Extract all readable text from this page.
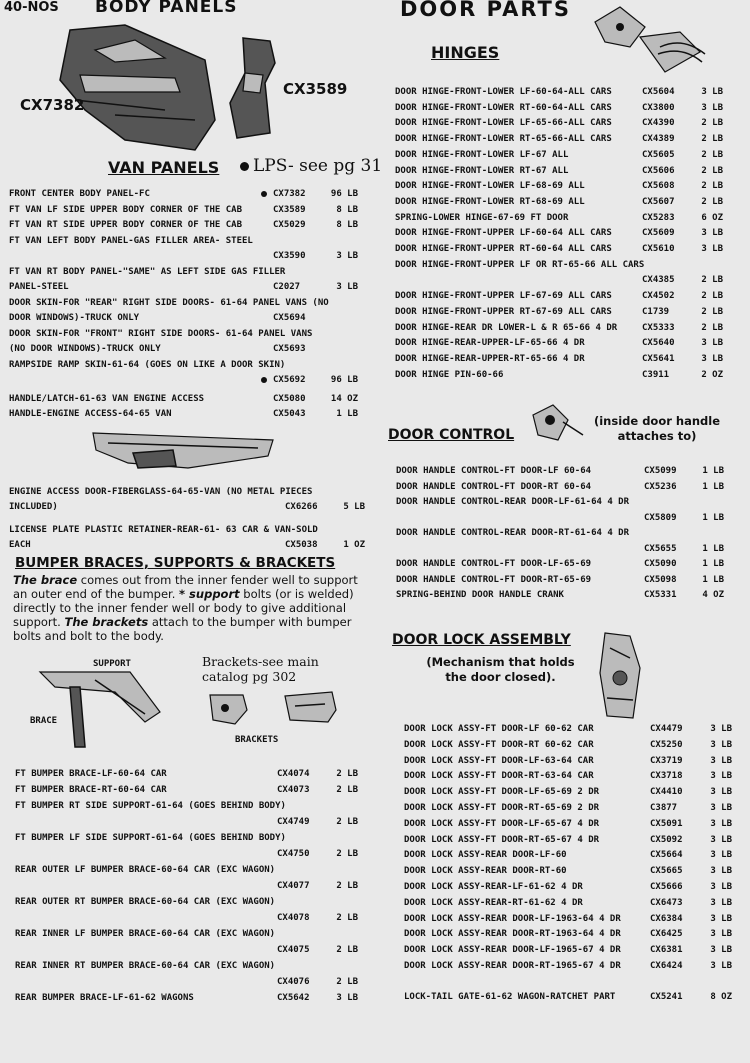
40-NOS BODY PANELS
CX7382
CX3589
VAN PANELS	LPS- see pg 31
FRONT CENTER BODY PANEL-FC	CX7382	96 LB
FT VAN LF SIDE UPPER BODY CORNER OF THE CAB	CX3589	8 LB
FT VAN RT SIDE UPPER BODY CORNER OF THE CAB	CX5029	8 LB
FT VAN LEFT BODY PANEL-GAS FILLER AREA- STEEL
CX3590	3 LB
FT VAN RT BODY PANEL-"SAME" AS LEFT SIDE GAS FILLER
PANEL-STEEL	C2027	3 LB
DOOR SKIN-FOR "REAR" RIGHT SIDE DOORS- 61-64 PANEL VANS (NO
DOOR WINDOWS)-TRUCK ONLY	CX5694
DOOR SKIN-FOR "FRONT" RIGHT SIDE DOORS- 61-64 PANEL VANS
(NO DOOR WINDOWS)-TRUCK ONLY	CX5693
RAMPSIDE RAMP SKIN-61-64 (GOES ON LIKE A DOOR SKIN)
CX5692	96 LB
HANDLE/LATCH-61-63 VAN ENGINE ACCESS	CX5080	14 OZ
HANDLE-ENGINE ACCESS-64-65 VAN	CX5043	1 LB
ENGINE ACCESS DOOR-FIBERGLASS-64-65-VAN (NO METAL PIECES
INCLUDED)	CX6266	5 LB
LICENSE PLATE PLASTIC RETAINER-REAR-61- 63 CAR & VAN-SOLD
EACH	CX5038	1 OZ
BUMPER BRACES, SUPPORTS & BRACKETS
The brace comes out from the inner fender well to support an outer end of the bumper. * support bolts (or is welded) directly to the inner fender well or body to give additional support. The brackets attach to the bumper with bumper bolts and bolt to the body.
SUPPORT
BRACE
Brackets-see main catalog pg 302
BRACKETS
FT BUMPER BRACE-LF-60-64 CAR	CX4074	2 LB
FT BUMPER BRACE-RT-60-64 CAR	CX4073	2 LB
FT BUMPER RT SIDE SUPPORT-61-64 (GOES BEHIND BODY)
CX4749	2 LB
FT BUMPER LF SIDE SUPPORT-61-64 (GOES BEHIND BODY)
CX4750	2 LB
REAR OUTER LF BUMPER BRACE-60-64 CAR (EXC WAGON)
CX4077	2 LB
REAR OUTER RT BUMPER BRACE-60-64 CAR (EXC WAGON)
CX4078	2 LB
REAR INNER LF BUMPER BRACE-60-64 CAR (EXC WAGON)
CX4075	2 LB
REAR INNER RT BUMPER BRACE-60-64 CAR (EXC WAGON)
CX4076	2 LB
REAR BUMPER BRACE-LF-61-62 WAGONS	CX5642	3 LB
DOOR PARTS
HINGES
DOOR HINGE-FRONT-LOWER LF-60-64-ALL CARS	CX5604	3 LB
DOOR HINGE-FRONT-LOWER RT-60-64-ALL CARS	CX3800	3 LB
DOOR HINGE-FRONT-LOWER LF-65-66-ALL CARS	CX4390	2 LB
DOOR HINGE-FRONT-LOWER RT-65-66-ALL CARS	CX4389	2 LB
DOOR HINGE-FRONT-LOWER LF-67 ALL	CX5605	2 LB
DOOR HINGE-FRONT-LOWER RT-67 ALL	CX5606	2 LB
DOOR HINGE-FRONT-LOWER LF-68-69 ALL	CX5608	2 LB
DOOR HINGE-FRONT-LOWER RT-68-69 ALL	CX5607	2 LB
SPRING-LOWER HINGE-67-69 FT DOOR	CX5283	6 OZ
DOOR HINGE-FRONT-UPPER LF-60-64 ALL CARS	CX5609	3 LB
DOOR HINGE-FRONT-UPPER RT-60-64 ALL CARS	CX5610	3 LB
DOOR HINGE-FRONT-UPPER LF OR RT-65-66 ALL CARS
CX4385	2 LB
DOOR HINGE-FRONT-UPPER LF-67-69 ALL CARS	CX4502	2 LB
DOOR HINGE-FRONT-UPPER RT-67-69 ALL CARS	C1739	2 LB
DOOR HINGE-REAR DR LOWER-L & R 65-66 4 DR	CX5333	2 LB
DOOR HINGE-REAR-UPPER-LF-65-66 4 DR	CX5640	3 LB
DOOR HINGE-REAR-UPPER-RT-65-66 4 DR	CX5641	3 LB
DOOR HINGE PIN-60-66	C3911	2 OZ
DOOR CONTROL
(inside door handle attaches to)
DOOR HANDLE CONTROL-FT DOOR-LF 60-64	CX5099	1 LB
DOOR HANDLE CONTROL-FT DOOR-RT 60-64	CX5236	1 LB
DOOR HANDLE CONTROL-REAR DOOR-LF-61-64 4 DR
CX5809	1 LB
DOOR HANDLE CONTROL-REAR DOOR-RT-61-64 4 DR
CX5655	1 LB
DOOR HANDLE CONTROL-FT DOOR-LF-65-69	CX5090	1 LB
DOOR HANDLE CONTROL-FT DOOR-RT-65-69	CX5098	1 LB
SPRING-BEHIND DOOR HANDLE CRANK	CX5331	4 OZ
DOOR LOCK ASSEMBLY
(Mechanism that holds the door closed).
DOOR LOCK ASSY-FT DOOR-LF 60-62 CAR	CX4479	3 LB
DOOR LOCK ASSY-FT DOOR-RT 60-62 CAR	CX5250	3 LB
DOOR LOCK ASSY-FT DOOR-LF-63-64 CAR	CX3719	3 LB
DOOR LOCK ASSY-FT DOOR-RT-63-64 CAR	CX3718	3 LB
DOOR LOCK ASSY-FT DOOR-LF-65-69 2 DR	CX4410	3 LB
DOOR LOCK ASSY-FT DOOR-RT-65-69 2 DR	C3877	3 LB
DOOR LOCK ASSY-FT DOOR-LF-65-67 4 DR	CX5091	3 LB
DOOR LOCK ASSY-FT DOOR-RT-65-67 4 DR	CX5092	3 LB
DOOR LOCK ASSY-REAR DOOR-LF-60	CX5664	3 LB
DOOR LOCK ASSY-REAR DOOR-RT-60	CX5665	3 LB
DOOR LOCK ASSY-REAR-LF-61-62 4 DR	CX5666	3 LB
DOOR LOCK ASSY-REAR-RT-61-62 4 DR	CX6473	3 LB
DOOR LOCK ASSY-REAR DOOR-LF-1963-64 4 DR	CX6384	3 LB
DOOR LOCK ASSY-REAR DOOR-RT-1963-64 4 DR	CX6425	3 LB
DOOR LOCK ASSY-REAR DOOR-LF-1965-67 4 DR	CX6381	3 LB
DOOR LOCK ASSY-REAR DOOR-RT-1965-67 4 DR	CX6424	3 LB
LOCK-TAIL GATE-61-62 WAGON-RATCHET PART	CX5241	8 OZ
